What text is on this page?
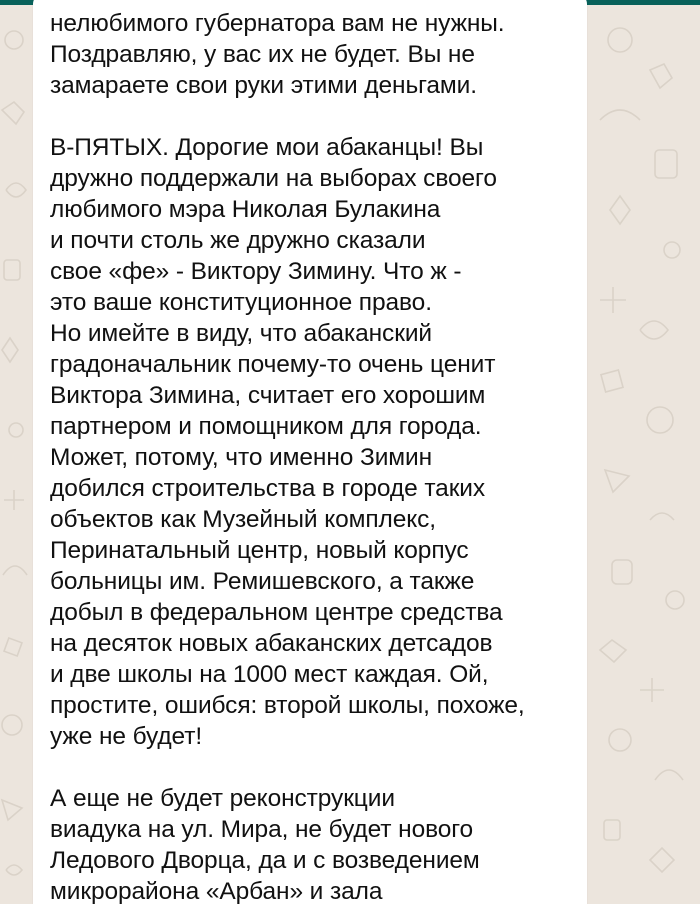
нелюбимого губернатора вам не нужны.
Поздравляю, у вас их не будет. Вы не
замараете свои руки этими деньгами.
В-ПЯТЫХ. Дорогие мои абаканцы! Вы
дружно поддержали на выборах своего
любимого мэра Николая Булакина
и почти столь же дружно сказали
свое «фе» - Виктору Зимину. Что ж -
это ваше конституционное право.
Но имейте в виду, что абаканский
градоначальник почему-то очень ценит
Виктора Зимина, считает его хорошим
партнером и помощником для города.
Может, потому, что именно Зимин
добился строительства в городе таких
объектов как Музейный комплекс,
Перинатальный центр, новый корпус
больницы им. Ремишевского, а также
добыл в федеральном центре средства
на десяток новых абаканских детсадов
и две школы на 1000 мест каждая. Ой,
простите, ошибся: второй школы, похоже,
уже не будет!
А еще не будет реконструкции
виадука на ул. Мира, не будет нового
Ледового Дворца, да и с возведением
микрорайона «Арбан» и зала
